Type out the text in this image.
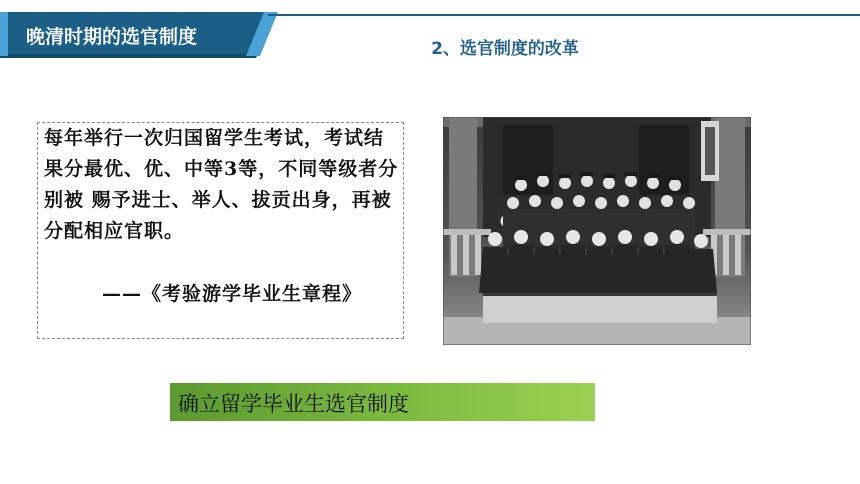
晚清时期的选官制度
2、选官制度的改革
每年举行一次归国留学生考试，考试结果分最优、优、中等3等，不同等级者分别被 赐予进士、举人、拔贡出身，再被分配相应官职。
——《考验游学毕业生章程》
确立留学毕业生选官制度
